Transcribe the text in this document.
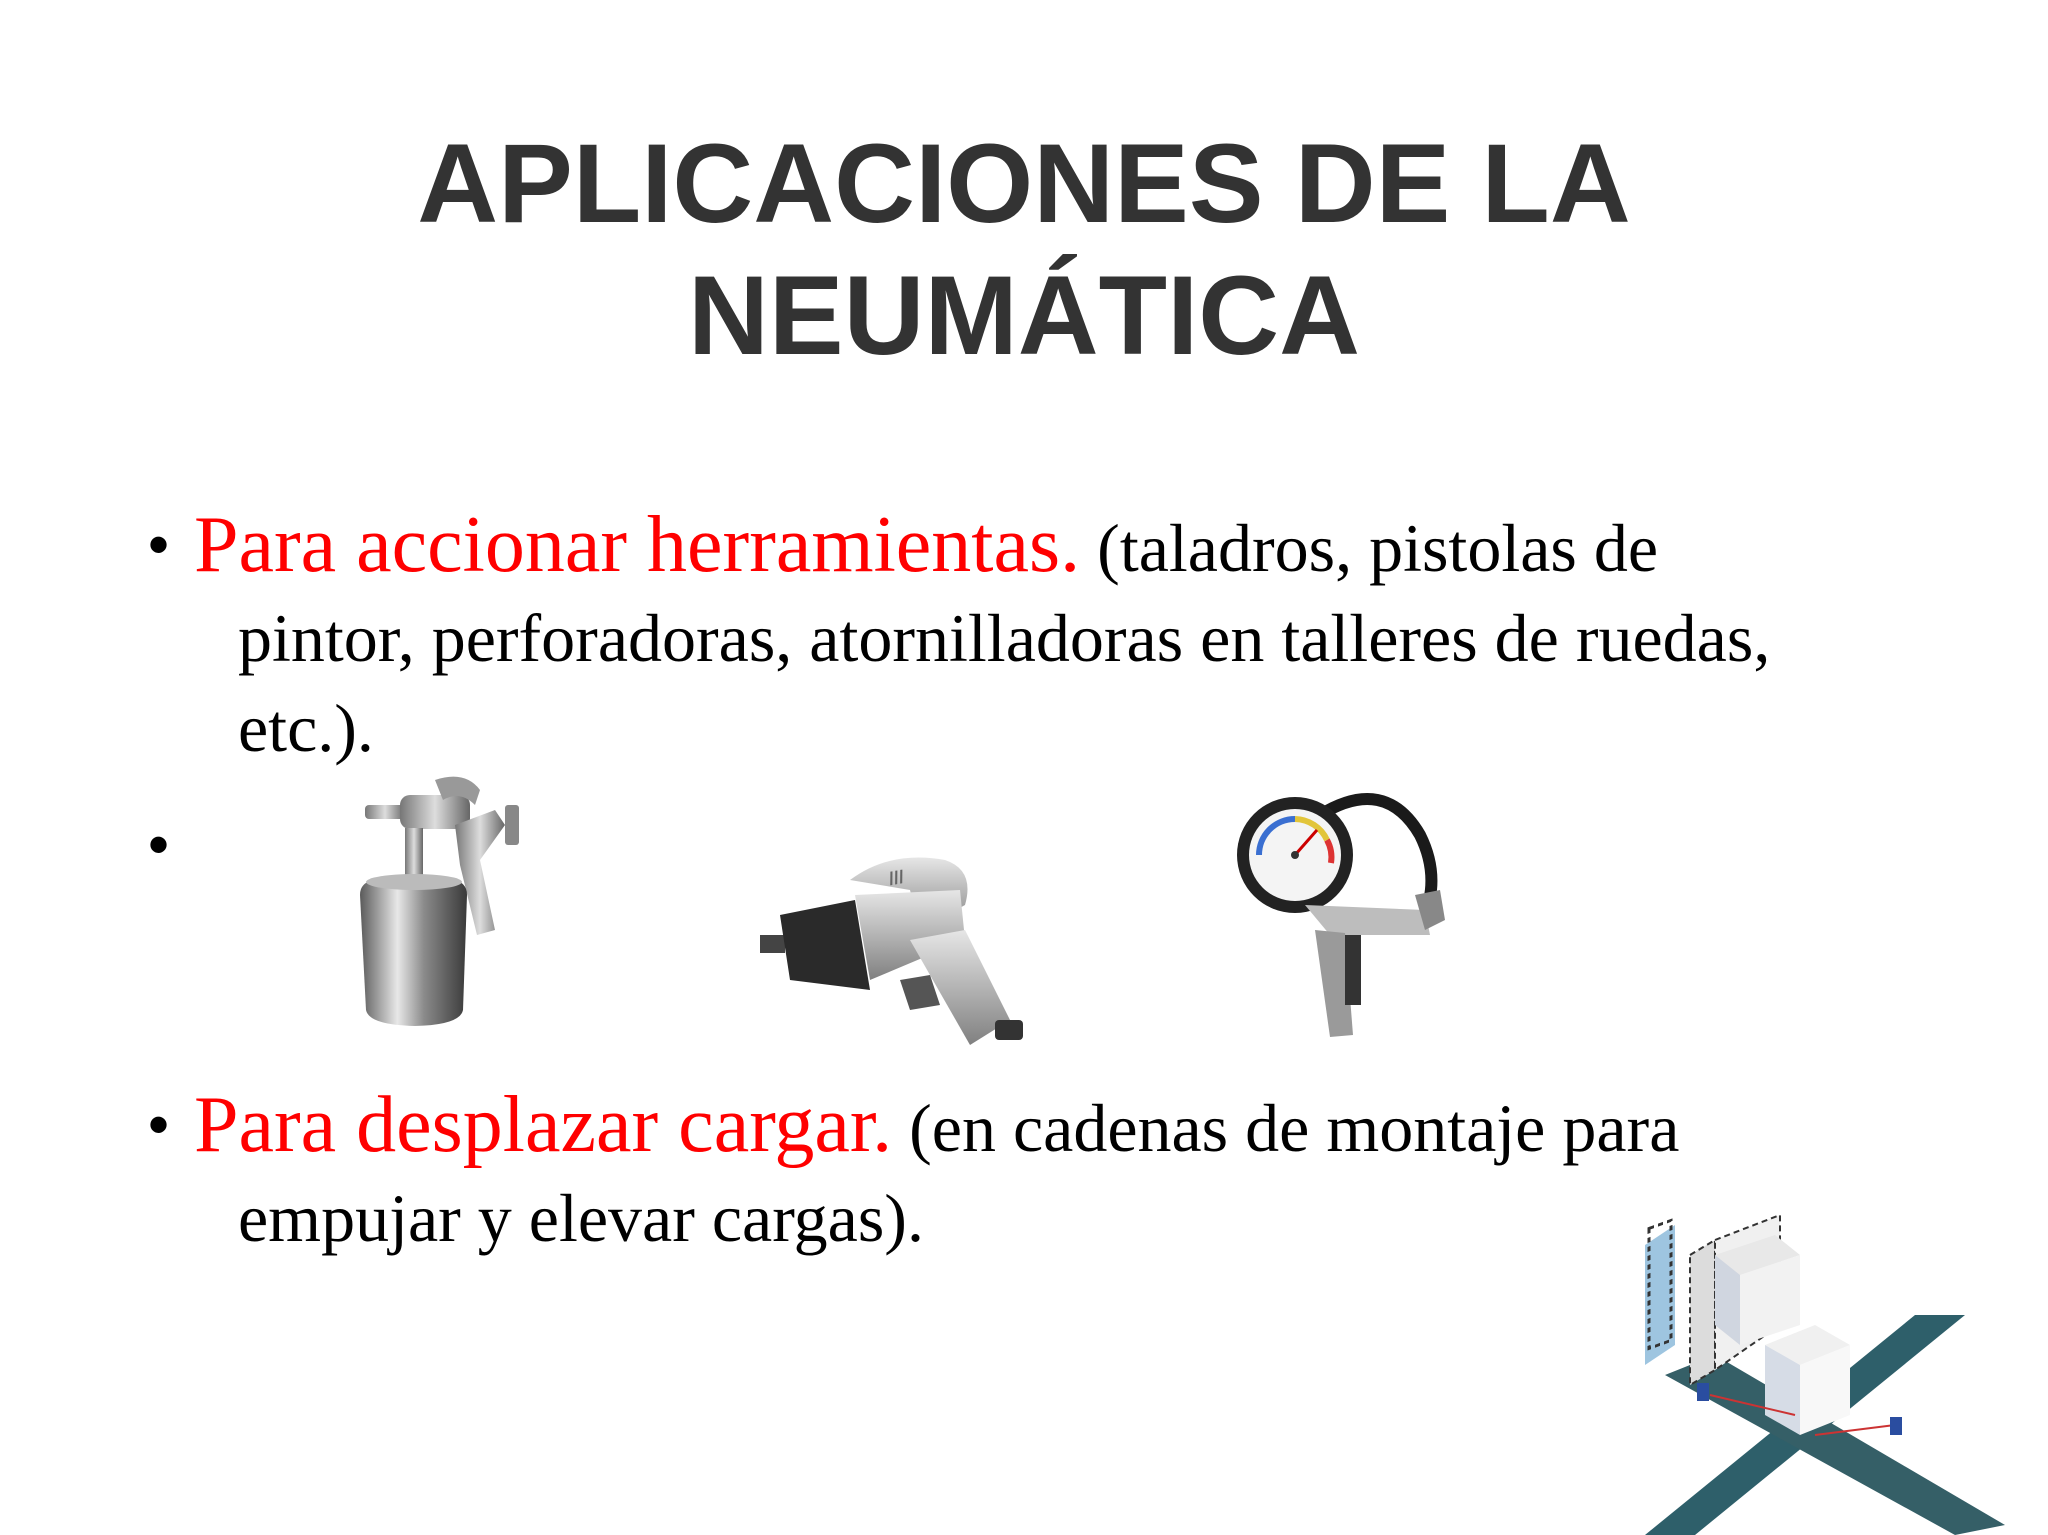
APLICACIONES DE LA
NEUMÁTICA
• Para accionar herramientas. (taladros, pistolas de
pintor, perforadoras, atornilladoras en talleres de ruedas,
etc.).
///
•
• Para desplazar cargar. (en cadenas de montaje para
empujar y elevar cargas).
